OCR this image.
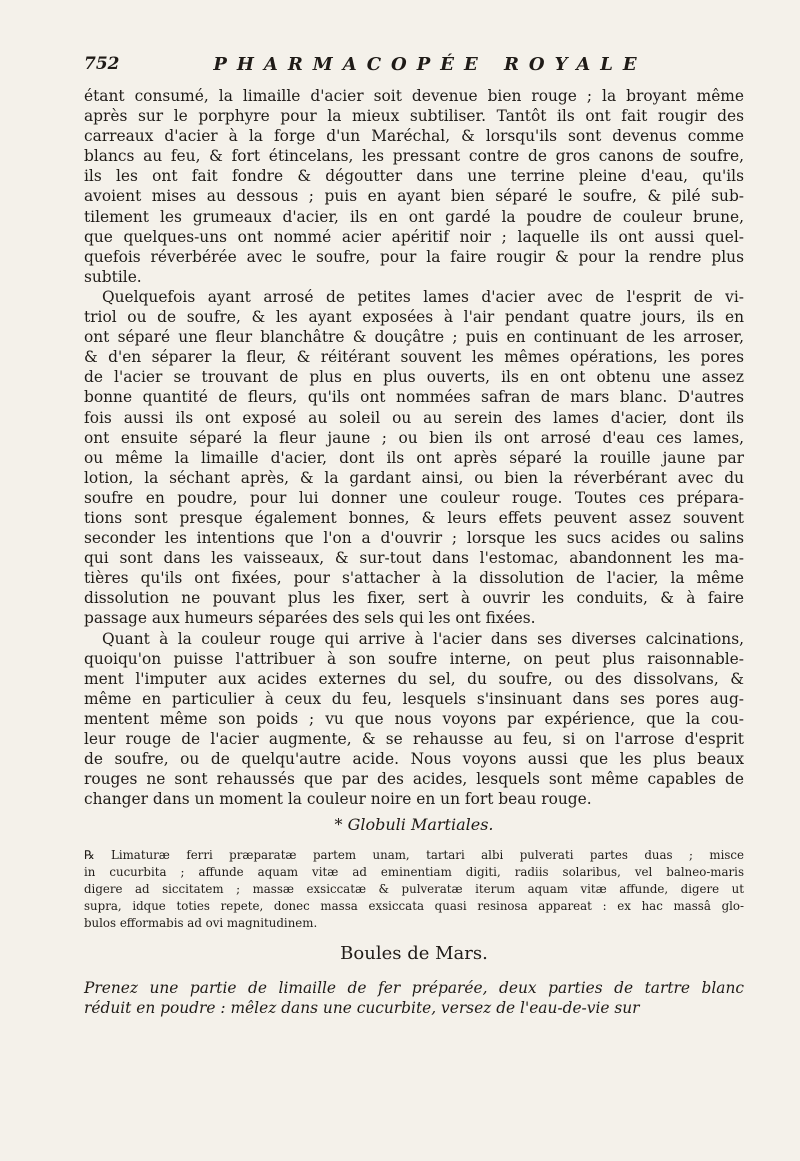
752	PHARMACOPÉE ROYALE
étant consumé, la limaille d'acier soit devenue bien rouge ; la broyant même
après sur le porphyre pour la mieux subtiliser. Tantôt ils ont fait rougir des
carreaux d'acier à la forge d'un Maréchal, & lorsqu'ils sont devenus comme
blancs au feu, & fort étincelans, les pressant contre de gros canons de soufre,
ils les ont fait fondre & dégoutter dans une terrine pleine d'eau, qu'ils
avoient mises au dessous ; puis en ayant bien séparé le soufre, & pilé sub-
tilement les grumeaux d'acier, ils en ont gardé la poudre de couleur brune,
que quelques-uns ont nommé acier apéritif noir ; laquelle ils ont aussi quel-
quefois réverbérée avec le soufre, pour la faire rougir & pour la rendre plus
subtile.
Quelquefois ayant arrosé de petites lames d'acier avec de l'esprit de vi-
triol ou de soufre, & les ayant exposées à l'air pendant quatre jours, ils en
ont séparé une fleur blanchâtre & douçâtre ; puis en continuant de les arroser,
& d'en séparer la fleur, & réitérant souvent les mêmes opérations, les pores
de l'acier se trouvant de plus en plus ouverts, ils en ont obtenu une assez
bonne quantité de fleurs, qu'ils ont nommées safran de mars blanc. D'autres
fois aussi ils ont exposé au soleil ou au serein des lames d'acier, dont ils
ont ensuite séparé la fleur jaune ; ou bien ils ont arrosé d'eau ces lames,
ou même la limaille d'acier, dont ils ont après séparé la rouille jaune par
lotion, la séchant après, & la gardant ainsi, ou bien la réverbérant avec du
soufre en poudre, pour lui donner une couleur rouge. Toutes ces prépara-
tions sont presque également bonnes, & leurs effets peuvent assez souvent
seconder les intentions que l'on a d'ouvrir ; lorsque les sucs acides ou salins
qui sont dans les vaisseaux, & sur-tout dans l'estomac, abandonnent les ma-
tières qu'ils ont fixées, pour s'attacher à la dissolution de l'acier, la même
dissolution ne pouvant plus les fixer, sert à ouvrir les conduits, & à faire
passage aux humeurs séparées des sels qui les ont fixées.
Quant à la couleur rouge qui arrive à l'acier dans ses diverses calcinations,
quoiqu'on puisse l'attribuer à son soufre interne, on peut plus raisonnable-
ment l'imputer aux acides externes du sel, du soufre, ou des dissolvans, &
même en particulier à ceux du feu, lesquels s'insinuant dans ses pores aug-
mentent même son poids ; vu que nous voyons par expérience, que la cou-
leur rouge de l'acier augmente, & se rehausse au feu, si on l'arrose d'esprit
de soufre, ou de quelqu'autre acide. Nous voyons aussi que les plus beaux
rouges ne sont rehaussés que par des acides, lesquels sont même capables de
changer dans un moment la couleur noire en un fort beau rouge.
* Globuli Martiales.
℞ Limaturæ ferri præparatæ partem unam, tartari albi pulverati partes duas ; misce
in cucurbita ; affunde aquam vitæ ad eminentiam digiti, radiis solaribus, vel balneo-maris
digere ad siccitatem ; massæ exsiccatæ & pulveratæ iterum aquam vitæ affunde, digere ut
supra, idque toties repete, donec massa exsiccata quasi resinosa appareat : ex hac massâ glo-
bulos efformabis ad ovi magnitudinem.
Boules de Mars.
Prenez une partie de limaille de fer préparée, deux parties de tartre blanc
réduit en poudre : mêlez dans une cucurbite, versez de l'eau-de-vie sur
